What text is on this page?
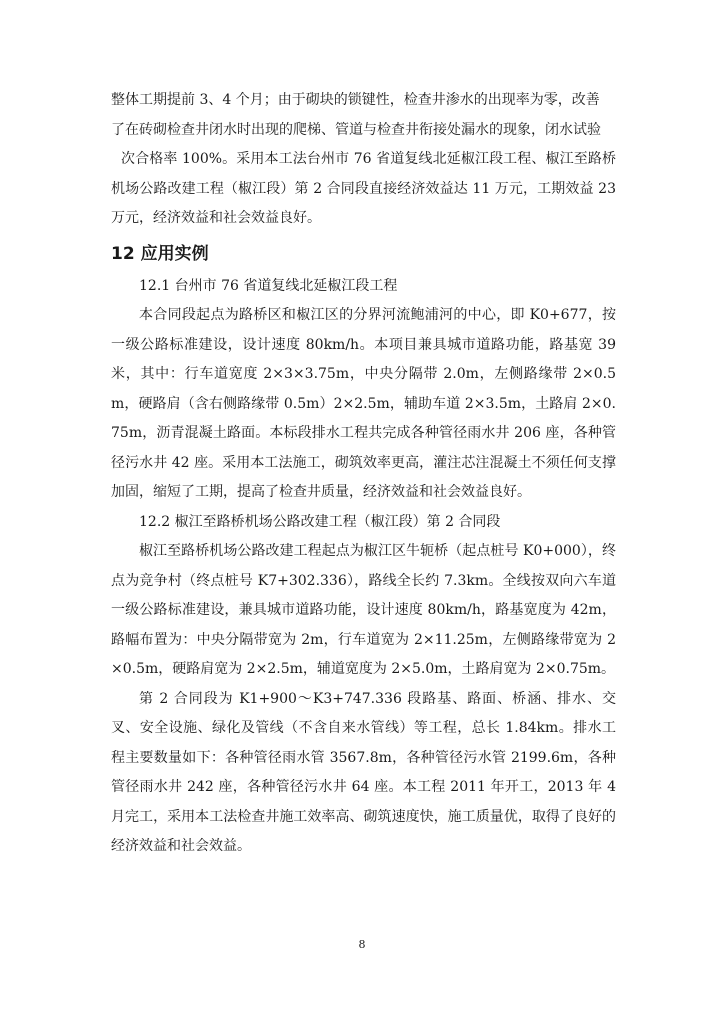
整体工期提前 3、4 个月；由于砌块的锁键性，检查井渗水的出现率为零，改善

了在砖砌检查井闭水时出现的爬梯、管道与检查井衔接处漏水的现象，闭水试验

次合格率 100%。采用本工法台州市 76 省道复线北延椒江段工程、椒江至路桥机场公路改建工程（椒江段）第 2 合同段直接经济效益达 11 万元，工期效益 23 万元，经济效益和社会效益良好。

12 应用实例

12.1 台州市 76 省道复线北延椒江段工程

本合同段起点为路桥区和椒江区的分界河流鲍浦河的中心，即 K0+677，按一级公路标准建设，设计速度 80km/h。本项目兼具城市道路功能，路基宽 39 米，其中：行车道宽度 2×3×3.75m，中央分隔带 2.0m，左侧路缘带 2×0.5m，硬路肩（含右侧路缘带 0.5m）2×2.5m，辅助车道 2×3.5m，土路肩 2×0.75m，沥青混凝土路面。本标段排水工程共完成各种管径雨水井 206 座，各种管径污水井 42 座。采用本工法施工，砌筑效率更高，灌注芯注混凝土不须任何支撑加固，缩短了工期，提高了检查井质量，经济效益和社会效益良好。

12.2 椒江至路桥机场公路改建工程（椒江段）第 2 合同段

椒江至路桥机场公路改建工程起点为椒江区牛轭桥（起点桩号 K0+000），终点为竞争村（终点桩号 K7+302.336），路线全长约 7.3km。全线按双向六车道一级公路标准建设，兼具城市道路功能，设计速度 80km/h，路基宽度为 42m，路幅布置为：中央分隔带宽为 2m，行车道宽为 2×11.25m，左侧路缘带宽为 2×0.5m，硬路肩宽为 2×2.5m，辅道宽度为 2×5.0m，土路肩宽为 2×0.75m。

第 2 合同段为 K1+900～K3+747.336 段路基、路面、桥涵、排水、交叉、安全设施、绿化及管线（不含自来水管线）等工程，总长 1.84km。排水工程主要数量如下：各种管径雨水管 3567.8m，各种管径污水管 2199.6m，各种管径雨水井 242 座，各种管径污水井 64 座。本工程 2011 年开工，2013 年 4 月完工，采用本工法检查井施工效率高、砌筑速度快，施工质量优，取得了良好的经济效益和社会效益。

8
